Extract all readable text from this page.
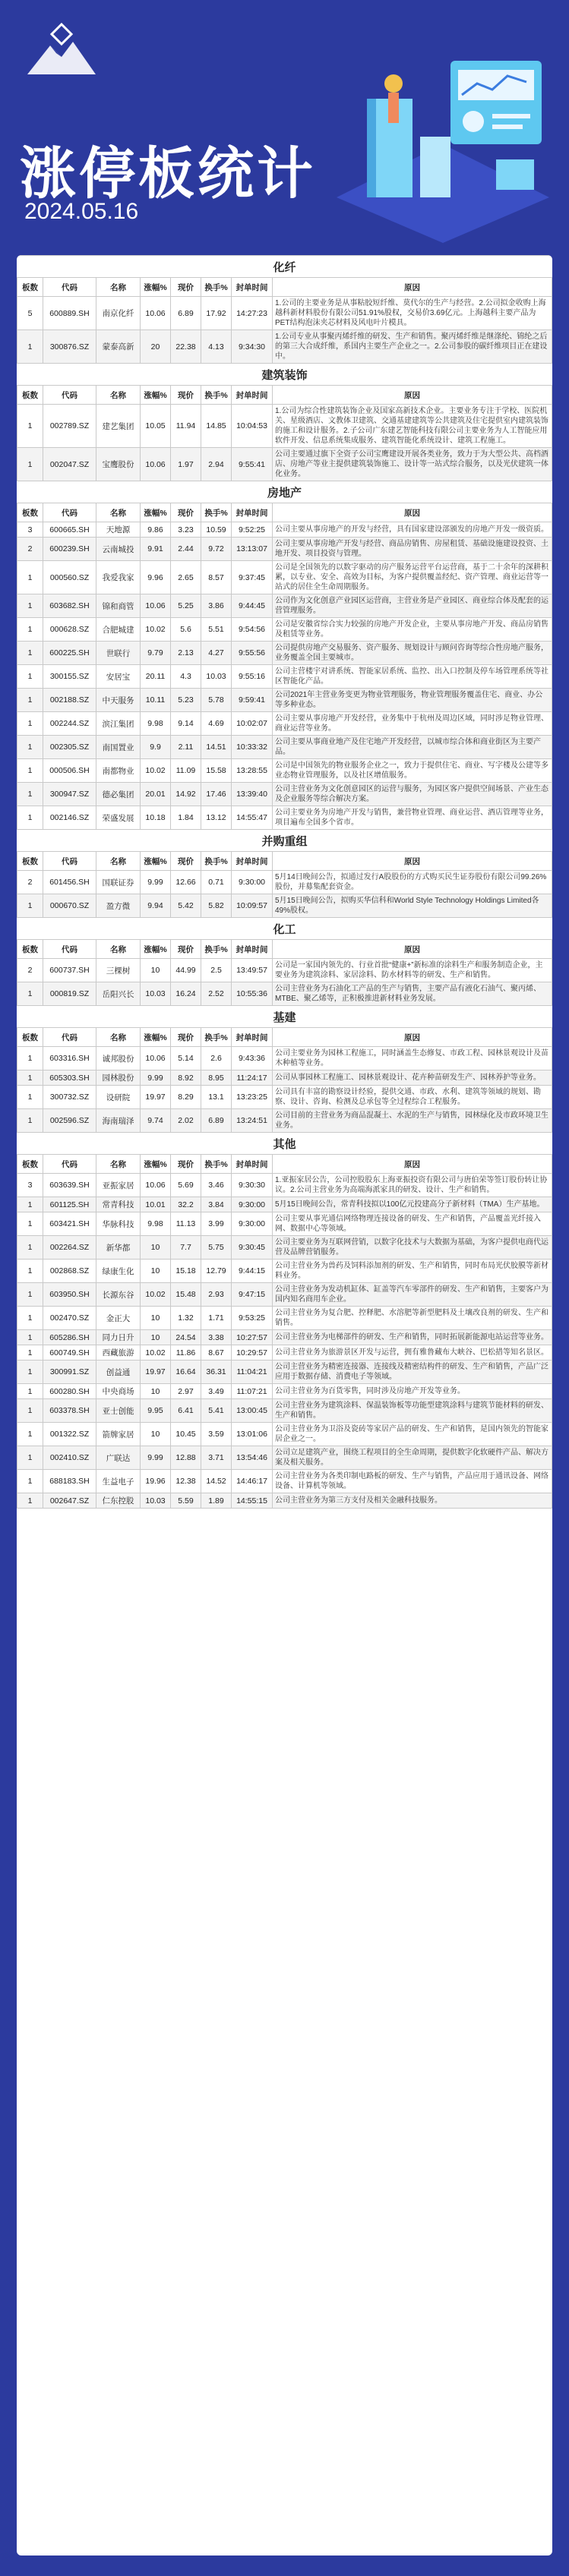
涨停板统计
2024.05.16
化纤							
板数	代码	名称	涨幅%	现价	换手%	封单时间	原因
5	600889.SH	南京化纤	10.06	6.89	17.92	14:27:23	1.公司的主要业务是从事粘胶短纤维、莫代尔的生产与经营。2.公司拟金收购上海越科新材料股份有限公司51.91%股权，交易价3.69亿元。上海越科主要产品为PET结构泡沫夹芯材料及风电叶片模具。
1	300876.SZ	蒙泰高新	20	22.38	4.13	9:34:30	1.公司专业从事聚丙烯纤维的研发、生产和销售。聚丙烯纤维是继涤纶、锦纶之后的第三大合成纤维，系国内主要生产企业之一。2.公司参股的碳纤维项目正在建设中。
建筑装饰							
板数	代码	名称	涨幅%	现价	换手%	封单时间	原因
1	002789.SZ	建艺集团	10.05	11.94	14.85	10:04:53	1.公司为综合性建筑装饰企业及国家高新技术企业。主要业务专注于学校、医院机关、星级酒店、文教体卫建筑、交通基建建筑等公共建筑及住宅提供室内建筑装饰的施工和设计服务。2.子公司广东建艺智能科技有限公司主要业务为人工智能应用软件开发、信息系统集成服务、建筑智能化系统设计、建筑工程施工。
1	002047.SZ	宝鹰股份	10.06	1.97	2.94	9:55:41	公司主要通过旗下全资子公司宝鹰建设开展各类业务，致力于为大型公共、高档酒店、房地产等业主提供建筑装饰施工、设计等一站式综合服务，以及光伏建筑一体化业务。
房地产							
板数	代码	名称	涨幅%	现价	换手%	封单时间	原因
3	600665.SH	天地源	9.86	3.23	10.59	9:52:25	公司主要从事房地产的开发与经营，具有国家建设部颁发的房地产开发一级资质。
2	600239.SH	云南城投	9.91	2.44	9.72	13:13:07	公司主要从事房地产开发与经营、商品房销售、房屋租赁、基础设施建设投资、土地开发、项目投资与管理。
1	000560.SZ	我爱我家	9.96	2.65	8.57	9:37:45	公司是全国领先的以数字驱动的房产服务运营平台运营商，基于二十余年的深耕积累，以专业、安全、高效为目标，为客户提供覆盖经纪、资产管理、商业运营等一站式的居住全生命周期服务。
1	603682.SH	锦和商管	10.06	5.25	3.86	9:44:45	公司作为文化创意产业园区运营商，主营业务是产业园区、商业综合体及配套的运营管理服务。
1	000628.SZ	合肥城建	10.02	5.6	5.51	9:54:56	公司是安徽省综合实力较强的房地产开发企业，主要从事房地产开发、商品房销售及租赁等业务。
1	600225.SH	世联行	9.79	2.13	4.27	9:55:56	公司提供房地产交易服务、资产服务、规划设计与顾问咨询等综合性房地产服务，业务覆盖全国主要城市。
1	300155.SZ	安居宝	20.11	4.3	10.03	9:55:16	公司主营楼宇对讲系统、智能家居系统、监控、出入口控制及停车场管理系统等社区智能化产品。
1	002188.SZ	中天服务	10.11	5.23	5.78	9:59:41	公司2021年主营业务变更为物业管理服务，物业管理服务覆盖住宅、商业、办公等多种业态。
1	002244.SZ	滨江集团	9.98	9.14	4.69	10:02:07	公司主要从事房地产开发经营，业务集中于杭州及周边区域，同时涉足物业管理、商业运营等业务。
1	002305.SZ	南国置业	9.9	2.11	14.51	10:33:32	公司主要从事商业地产及住宅地产开发经营，以城市综合体和商业街区为主要产品。
1	000506.SH	南都物业	10.02	11.09	15.58	13:28:55	公司是中国领先的物业服务企业之一，致力于提供住宅、商业、写字楼及公建等多业态物业管理服务，以及社区增值服务。
1	300947.SZ	德必集团	20.01	14.92	17.46	13:39:40	公司主营业务为文化创意园区的运营与服务，为园区客户提供空间场景、产业生态及企业服务等综合解决方案。
1	002146.SZ	荣盛发展	10.18	1.84	13.12	14:55:47	公司主要业务为房地产开发与销售，兼营物业管理、商业运营、酒店管理等业务，项目遍布全国多个省市。
并购重组							
板数	代码	名称	涨幅%	现价	换手%	封单时间	原因
2	601456.SH	国联证券	9.99	12.66	0.71	9:30:00	5月14日晚间公告，拟通过发行A股股份的方式购买民生证券股份有限公司99.26%股份，并募集配套资金。
1	000670.SZ	盈方微	9.94	5.42	5.82	10:09:57	5月15日晚间公告，拟购买华信科和World Style Technology Holdings Limited各49%股权。
化工							
板数	代码	名称	涨幅%	现价	换手%	封单时间	原因
2	600737.SH	三棵树	10	44.99	2.5	13:49:57	公司是一家国内领先的、行业首批“健康+”新标准的涂料生产和服务制造企业，主要业务为建筑涂料、家居涂料、防水材料等的研发、生产和销售。
1	000819.SZ	岳阳兴长	10.03	16.24	2.52	10:55:36	公司主营业务为石油化工产品的生产与销售，主要产品有液化石油气、聚丙烯、MTBE、聚乙烯等，正积极推进新材料业务发展。
基建							
板数	代码	名称	涨幅%	现价	换手%	封单时间	原因
1	603316.SH	诚邦股份	10.06	5.14	2.6	9:43:36	公司主要业务为园林工程施工，同时涵盖生态修复、市政工程、园林景观设计及苗木种植等业务。
1	605303.SH	园林股份	9.99	8.92	8.95	11:24:17	公司从事园林工程施工、园林景观设计、花卉种苗研发生产、园林养护等业务。
1	300732.SZ	设研院	19.97	8.29	13.1	13:23:25	公司具有丰富的勘察设计经验，提供交通、市政、水利、建筑等领域的规划、勘察、设计、咨询、检测及总承包等全过程综合工程服务。
1	002596.SZ	海南瑞泽	9.74	2.02	6.89	13:24:51	公司目前的主营业务为商品混凝土、水泥的生产与销售，园林绿化及市政环境卫生业务。
其他							
板数	代码	名称	涨幅%	现价	换手%	封单时间	原因
3	603639.SH	亚振家居	10.06	5.69	3.46	9:30:30	1.亚振家居公告，公司控股股东上海亚振投资有限公司与唐伯荣等签订股份转让协议。2.公司主营业务为高端海派家具的研发、设计、生产和销售。
1	601125.SH	常青科技	10.01	32.2	3.84	9:30:00	5月15日晚间公告，常青科技拟以100亿元投建高分子新材料（TMA）生产基地。
1	603421.SH	华脉科技	9.98	11.13	3.99	9:30:00	公司主要从事光通信网络物理连接设备的研发、生产和销售，产品覆盖光纤接入网、数据中心等领域。
1	002264.SZ	新华都	10	7.7	5.75	9:30:45	公司主要业务为互联网营销，以数字化技术与大数据为基础，为客户提供电商代运营及品牌营销服务。
1	002868.SZ	绿康生化	10	15.18	12.79	9:44:15	公司主营业务为兽药及饲料添加剂的研发、生产和销售，同时布局光伏胶膜等新材料业务。
1	603950.SH	长源东谷	10.02	15.48	2.93	9:47:15	公司主营业务为发动机缸体、缸盖等汽车零部件的研发、生产和销售，主要客户为国内知名商用车企业。
1	002470.SZ	金正大	10	1.32	1.71	9:53:25	公司主营业务为复合肥、控释肥、水溶肥等新型肥料及土壤改良剂的研发、生产和销售。
1	605286.SH	同力日升	10	24.54	3.38	10:27:57	公司主营业务为电梯部件的研发、生产和销售，同时拓展新能源电站运营等业务。
1	600749.SH	西藏旅游	10.02	11.86	8.67	10:29:57	公司主营业务为旅游景区开发与运营，拥有雅鲁藏布大峡谷、巴松措等知名景区。
1	300991.SZ	创益通	19.97	16.64	36.31	11:04:21	公司主营业务为精密连接器、连接线及精密结构件的研发、生产和销售，产品广泛应用于数据存储、消费电子等领域。
1	600280.SH	中央商场	10	2.97	3.49	11:07:21	公司主营业务为百货零售，同时涉及房地产开发等业务。
1	603378.SH	亚士创能	9.95	6.41	5.41	13:00:45	公司主营业务为建筑涂料、保温装饰板等功能型建筑涂料与建筑节能材料的研发、生产和销售。
1	001322.SZ	箭牌家居	10	10.45	3.59	13:01:06	公司主营业务为卫浴及瓷砖等家居产品的研发、生产和销售，是国内领先的智能家居企业之一。
1	002410.SZ	广联达	9.99	12.88	3.71	13:54:46	公司立足建筑产业，围绕工程项目的全生命周期，提供数字化软硬件产品、解决方案及相关服务。
1	688183.SH	生益电子	19.96	12.38	14.52	14:46:17	公司主营业务为各类印制电路板的研发、生产与销售，产品应用于通讯设备、网络设备、计算机等领域。
1	002647.SZ	仁东控股	10.03	5.59	1.89	14:55:15	公司主营业务为第三方支付及相关金融科技服务。
